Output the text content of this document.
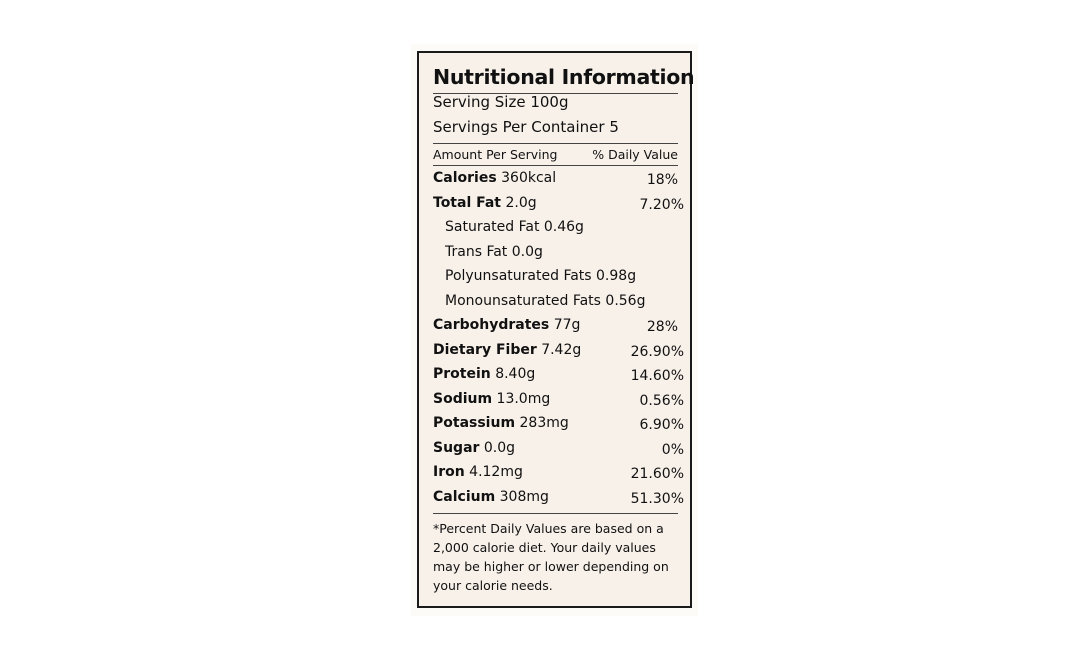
Nutritional Information
Serving Size 100g
Servings Per Container 5
Amount Per Serving	% Daily Value
Calories 360kcal	18%
Total Fat 2.0g	7.20%
Saturated Fat 0.46g
Trans Fat 0.0g
Polyunsaturated Fats 0.98g
Monounsaturated Fats 0.56g
Carbohydrates 77g	28%
Dietary Fiber 7.42g	26.90%
Protein 8.40g	14.60%
Sodium 13.0mg	0.56%
Potassium 283mg	6.90%
Sugar 0.0g	0%
Iron 4.12mg	21.60%
Calcium 308mg	51.30%
*Percent Daily Values are based on a 2,000 calorie diet. Your daily values may be higher or lower depending on your calorie needs.
